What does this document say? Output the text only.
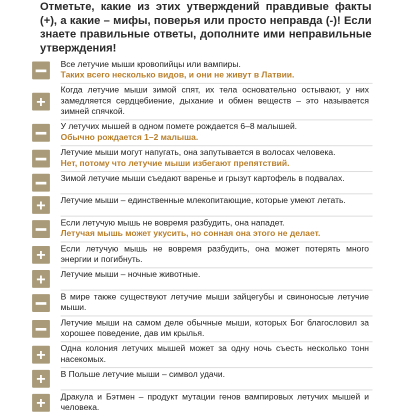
Отметьте, какие из этих утверждений правдивые факты (+), а какие – мифы, поверья или просто неправда (-)! Если знаете правильные ответы, дополните ими неправильные утверждения!
Все летучие мыши кровопийцы или вампиры.
Таких всего несколько видов, и они не живут в Латвии.
+
Когда летучие мыши зимой спят, их тела основательно остывают, у них замедляется сердцебиение, дыхание и обмен веществ – это называется зимней спячкой.
У летучих мышей в одном помете рождается 6–8 малышей.
Обычно рождается 1–2 малыша.
Летучие мыши могут напугать, она запутывается в волосах человека.
Нет, потому что летучие мыши избегают препятствий.
Зимой летучие мыши съедают варенье и грызут картофель в подвалах.
+
Летучие мыши – единственные млекопитающие, которые умеют летать.
Если летучую мышь не вовремя разбудить, она нападет.
Летучая мышь может укусить, но сонная она этого не делает.
+
Если летучую мышь не вовремя разбудить, она может потерять много энергии и погибнуть.
+
Летучие мыши – ночные животные.
В мире также существуют летучие мыши зайцегубы и свиноносые летучие мыши.
Летучие мыши на самом деле обычные мыши, которых Бог благословил за хорошее поведение, дав им крылья.
+
Одна колония летучих мышей может за одну ночь съесть несколько тонн насекомых.
+
В Польше летучие мыши – символ удачи.
+
Дракула и Бэтмен – продукт мутации генов вампировых летучих мышей и человека.
